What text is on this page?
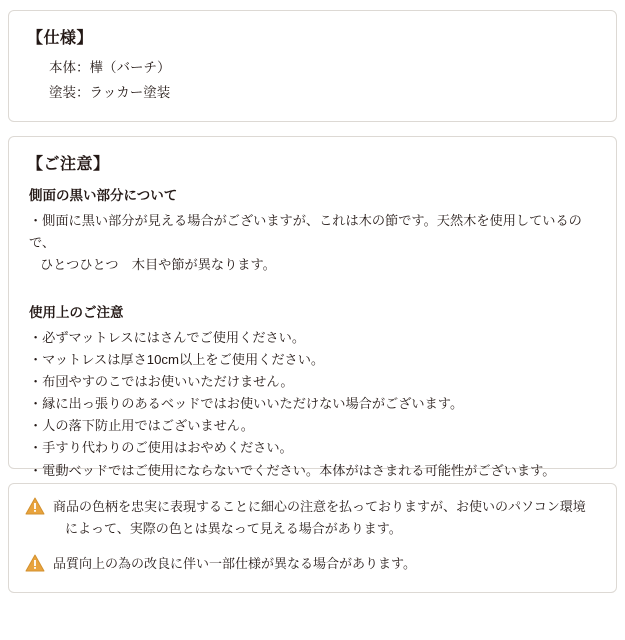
【仕様】
本体：樺（バーチ）
塗装：ラッカー塗装
【ご注意】
側面の黒い部分について
・側面に黒い部分が見える場合がございますが、これは木の節です。天然木を使用しているので、
ひとつひとつ　木目や節が異なります。
使用上のご注意
・必ずマットレスにはさんでご使用ください。
・マットレスは厚さ10cm以上をご使用ください。
・布団やすのこではお使いいただけません。
・縁に出っ張りのあるベッドではお使いいただけない場合がございます。
・人の落下防止用ではございません。
・手すり代わりのご使用はおやめください。
・電動ベッドではご使用にならないでください。本体がはさまれる可能性がございます。
商品の色柄を忠実に表現することに細心の注意を払っておりますが、お使いのパソコン環境
によって、実際の色とは異なって見える場合があります。
品質向上の為の改良に伴い一部仕様が異なる場合があります。
